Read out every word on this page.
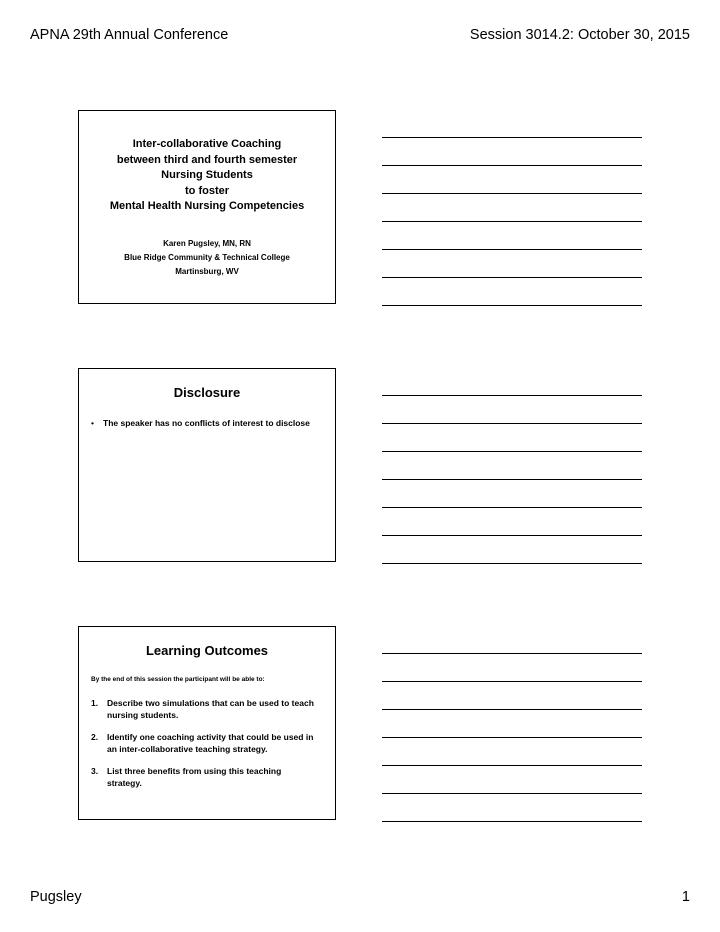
APNA 29th Annual Conference	Session 3014.2: October 30, 2015
Inter-collaborative Coaching
between third and fourth semester
Nursing Students
to foster
Mental Health Nursing Competencies
Karen Pugsley, MN, RN
Blue Ridge Community & Technical College
Martinsburg, WV
Disclosure
• The speaker has no conflicts of interest to disclose
Learning Outcomes
By the end of this session the participant will be able to:
1. Describe two simulations that can be used to teach nursing students.
2. Identify one coaching activity that could be used in an inter-collaborative teaching strategy.
3. List three benefits from using this teaching strategy.
Pugsley	1
